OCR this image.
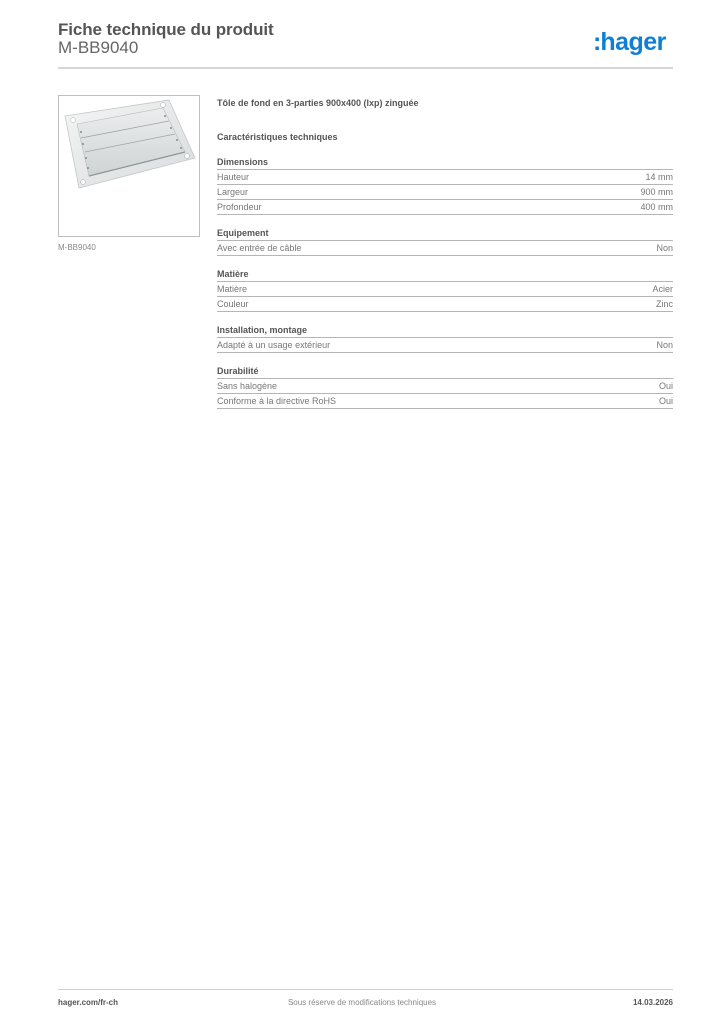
Fiche technique du produit
M-BB9040	:hager
M-BB9040
Tôle de fond en 3-parties 900x400 (lxp) zinguée
Caractéristiques techniques
Dimensions
Hauteur	14 mm
Largeur	900 mm
Profondeur	400 mm
Equipement
Avec entrée de câble	Non
Matière
Matière	Acier
Couleur	Zinc
Installation, montage
Adapté à un usage extérieur	Non
Durabilité
Sans halogène	Oui
Conforme à la directive RoHS	Oui
hager.com/fr-ch	Sous réserve de modifications techniques	14.03.2026
